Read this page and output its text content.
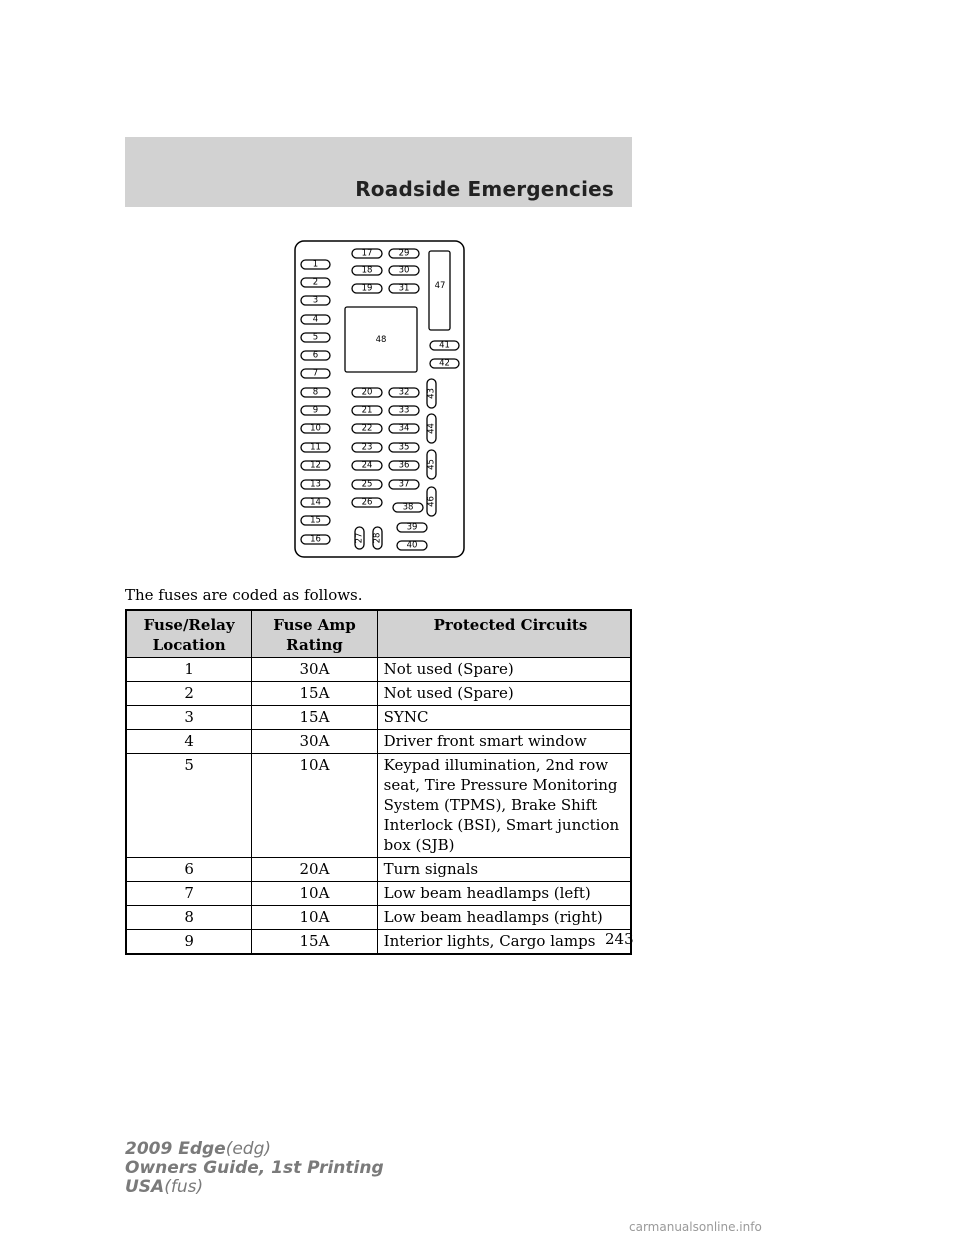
Roadside Emergencies
1
2
3
4
5
6
7
8
9
10
11
12
13
14
15
16
17
18
19
20
21
22
23
24
25
26
27 28
29
30
31
32
33
34
35
36
37
38
39
40
41
42
43
44
45
46
47
48

The fuses are coded as follows.

Fuse/Relay Location	Fuse Amp Rating	Protected Circuits
1	30A	Not used (Spare)
2	15A	Not used (Spare)
3	15A	SYNC
4	30A	Driver front smart window
5	10A	Keypad illumination, 2nd row seat, Tire Pressure Monitoring System (TPMS), Brake Shift Interlock (BSI), Smart junction box (SJB)
6	20A	Turn signals
7	10A	Low beam headlamps (left)
8	10A	Low beam headlamps (right)
9	15A	Interior lights, Cargo lamps 243

2009 Edge(edg)
Owners Guide, 1st Printing
USA(fus)
carmanualsonline.info
